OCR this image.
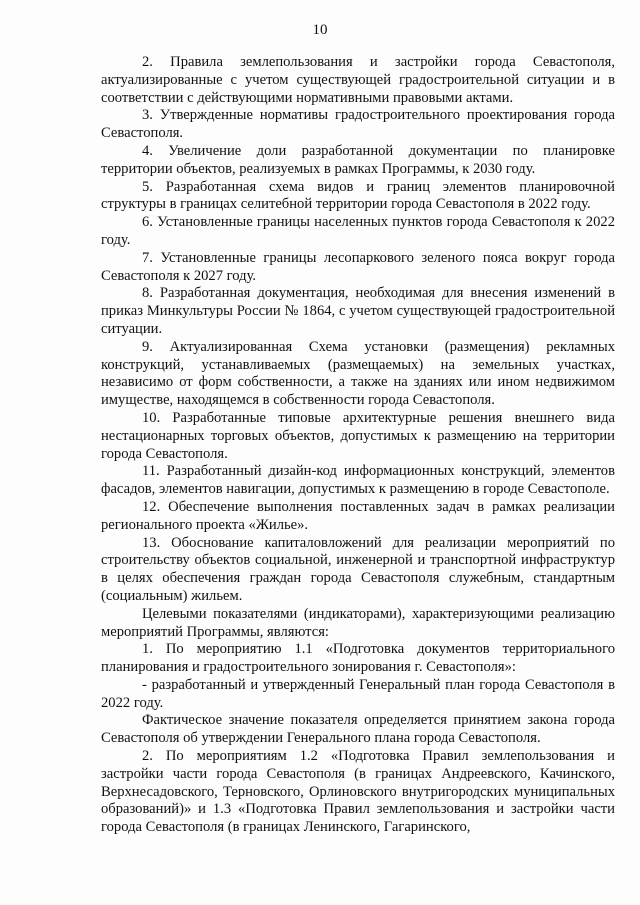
10

2. Правила землепользования и застройки города Севастополя, актуализированные с учетом существующей градостроительной ситуации и в соответствии с действующими нормативными правовыми актами.

3. Утвержденные нормативы градостроительного проектирования города Севастополя.

4. Увеличение доли разработанной документации по планировке территории объектов, реализуемых в рамках Программы, к 2030 году.

5. Разработанная схема видов и границ элементов планировочной структуры в границах селитебной территории города Севастополя в 2022 году.

6. Установленные границы населенных пунктов города Севастополя к 2022 году.

7. Установленные границы лесопаркового зеленого пояса вокруг города Севастополя к 2027 году.

8. Разработанная документация, необходимая для внесения изменений в приказ Минкультуры России № 1864, с учетом существующей градостроительной ситуации.

9. Актуализированная Схема установки (размещения) рекламных конструкций, устанавливаемых (размещаемых) на земельных участках, независимо от форм собственности, а также на зданиях или ином недвижимом имуществе, находящемся в собственности города Севастополя.

10. Разработанные типовые архитектурные решения внешнего вида нестационарных торговых объектов, допустимых к размещению на территории города Севастополя.

11. Разработанный дизайн-код информационных конструкций, элементов фасадов, элементов навигации, допустимых к размещению в городе Севастополе.

12. Обеспечение выполнения поставленных задач в рамках реализации регионального проекта «Жилье».

13. Обоснование капиталовложений для реализации мероприятий по строительству объектов социальной, инженерной и транспортной инфраструктур в целях обеспечения граждан города Севастополя служебным, стандартным (социальным) жильем.

Целевыми показателями (индикаторами), характеризующими реализацию мероприятий Программы, являются:

1. По мероприятию 1.1 «Подготовка документов территориального планирования и градостроительного зонирования г. Севастополя»:

- разработанный и утвержденный Генеральный план города Севастополя в 2022 году.

Фактическое значение показателя определяется принятием закона города Севастополя об утверждении Генерального плана города Севастополя.

2. По мероприятиям 1.2 «Подготовка Правил землепользования и застройки части города Севастополя (в границах Андреевского, Качинского, Верхнесадовского, Терновского, Орлиновского внутригородских муниципальных образований)» и 1.3 «Подготовка Правил землепользования и застройки части города Севастополя (в границах Ленинского, Гагаринского,
